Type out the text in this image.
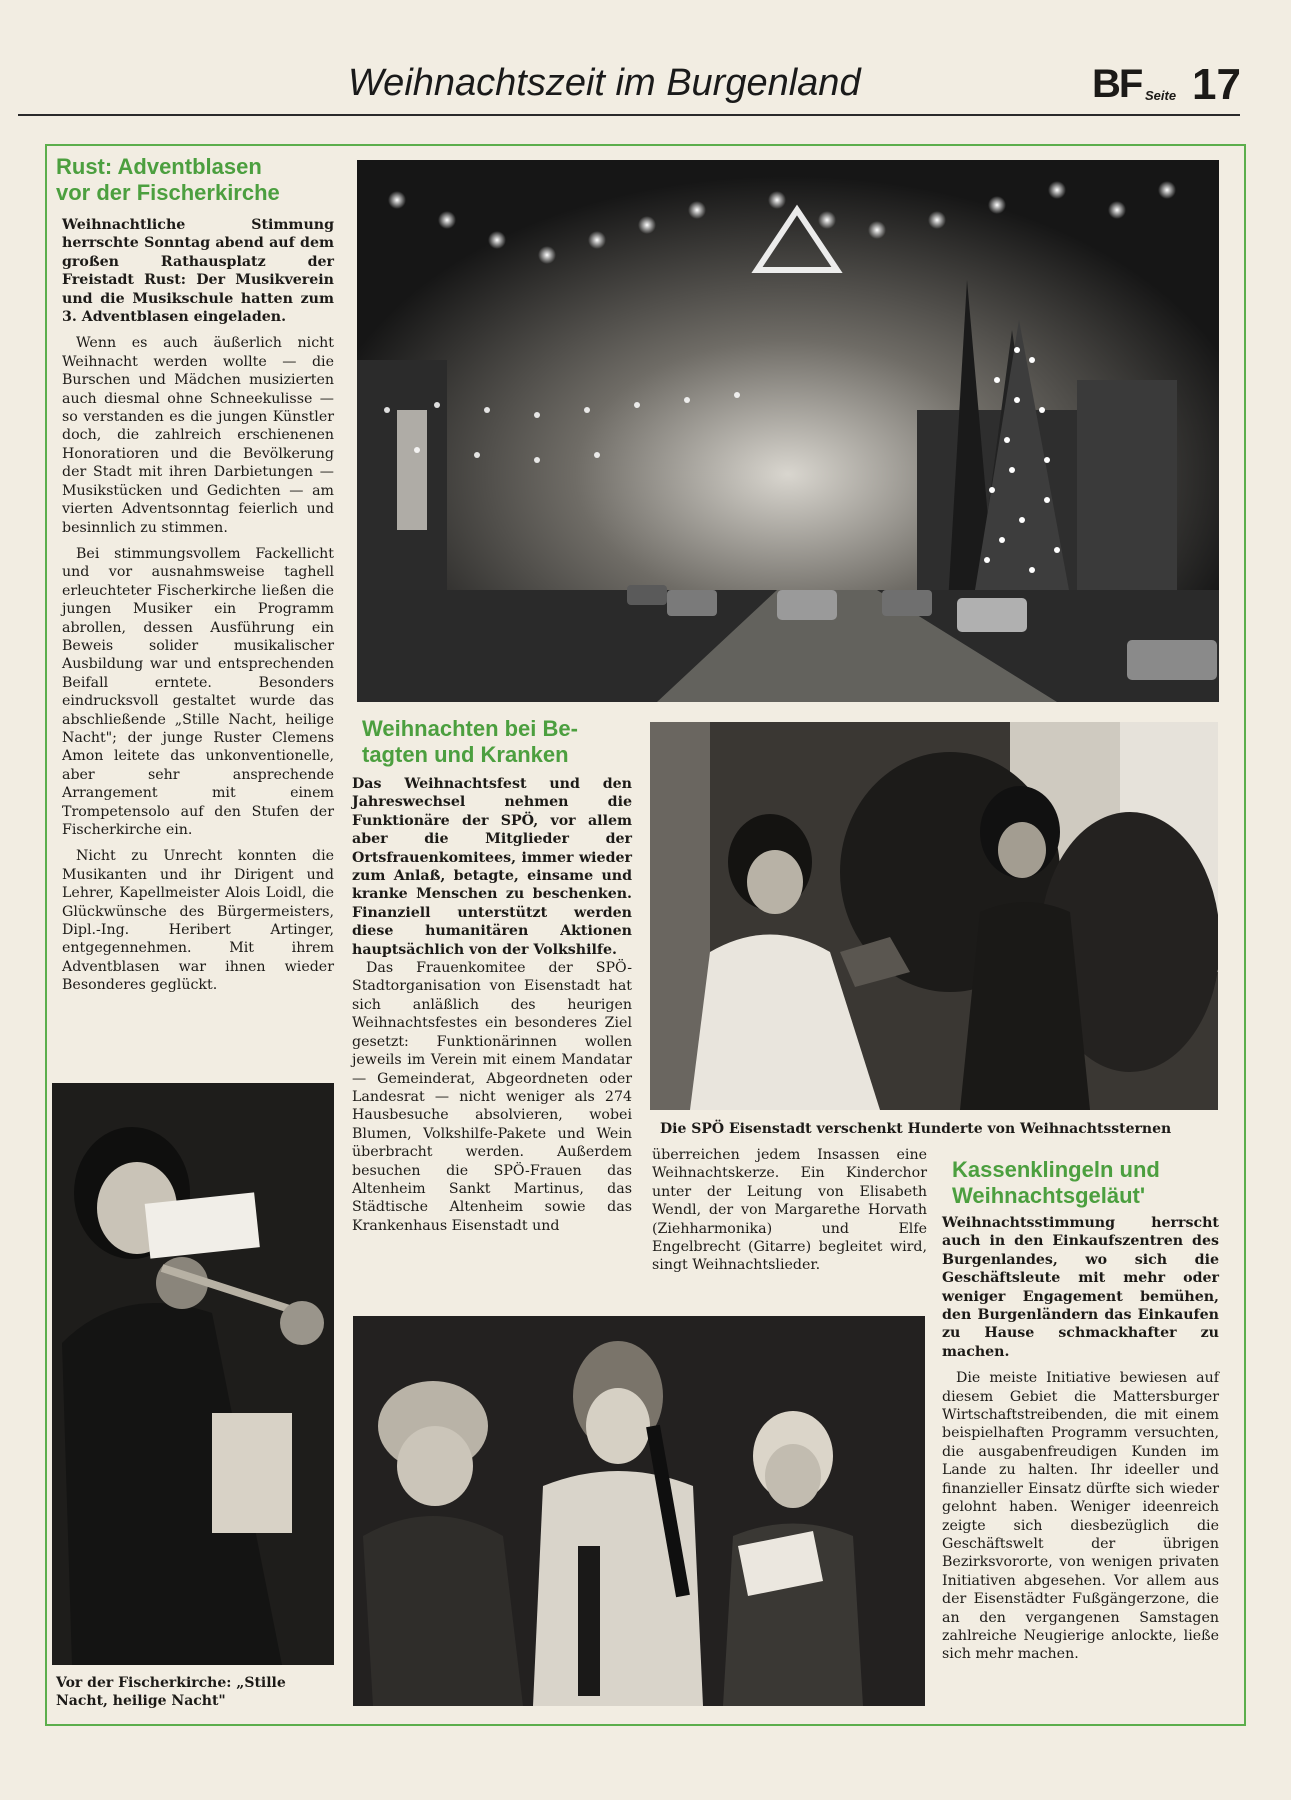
Weihnachtszeit im Burgenland	BF Seite 17
Rust: Adventblasen
vor der Fischerkirche

Weihnachtliche Stimmung herrschte Sonntag abend auf dem großen Rathausplatz der Freistadt Rust: Der Musikverein und die Musikschule hatten zum 3. Adventblasen eingeladen.

Wenn es auch äußerlich nicht Weihnacht werden wollte — die Burschen und Mädchen musizierten auch diesmal ohne Schneekulisse — so verstanden es die jungen Künstler doch, die zahlreich erschienenen Honoratioren und die Bevölkerung der Stadt mit ihren Darbietungen — Musikstücken und Gedichten — am vierten Adventsonntag feierlich und besinnlich zu stimmen.

Bei stimmungsvollem Fackellicht und vor ausnahmsweise taghell erleuchteter Fischerkirche ließen die jungen Musiker ein Programm abrollen, dessen Ausführung ein Beweis solider musikalischer Ausbildung war und entsprechenden Beifall erntete. Besonders eindrucksvoll gestaltet wurde das abschließende „Stille Nacht, heilige Nacht"; der junge Ruster Clemens Amon leitete das unkonventionelle, aber sehr ansprechende Arrangement mit einem Trompetensolo auf den Stufen der Fischerkirche ein.

Nicht zu Unrecht konnten die Musikanten und ihr Dirigent und Lehrer, Kapellmeister Alois Loidl, die Glückwünsche des Bürgermeisters, Dipl.-Ing. Heribert Artinger, entgegennehmen. Mit ihrem Adventblasen war ihnen wieder Besonderes geglückt.

Weihnachten bei Be-
tagten und Kranken

Das Weihnachtsfest und den Jahreswechsel nehmen die Funktionäre der SPÖ, vor allem aber die Mitglieder der Ortsfrauenkomitees, immer wieder zum Anlaß, betagte, einsame und kranke Menschen zu beschenken. Finanziell unterstützt werden diese humanitären Aktionen hauptsächlich von der Volkshilfe.

Das Frauenkomitee der SPÖ-Stadtorganisation von Eisenstadt hat sich anläßlich des heurigen Weihnachtsfestes ein besonderes Ziel gesetzt: Funktionärinnen wollen jeweils im Verein mit einem Mandatar — Gemeinderat, Abgeordneten oder Landesrat — nicht weniger als 274 Hausbesuche absolvieren, wobei Blumen, Volkshilfe-Pakete und Wein überbracht werden. Außerdem besuchen die SPÖ-Frauen das Altenheim Sankt Martinus, das Städtische Altenheim sowie das Krankenhaus Eisenstadt und

überreichen jedem Insassen eine Weihnachtskerze. Ein Kinderchor unter der Leitung von Elisabeth Wendl, der von Margarethe Horvath (Ziehharmonika) und Elfe Engelbrecht (Gitarre) begleitet wird, singt Weihnachtslieder.

Die SPÖ Eisenstadt verschenkt Hunderte von Weihnachtssternen
Vor der Fischerkirche: „Stille Nacht, heilige Nacht"
Kassenklingeln und
Weihnachtsgeläut'

Weihnachtsstimmung herrscht auch in den Einkaufszentren des Burgenlandes, wo sich die Geschäftsleute mit mehr oder weniger Engagement bemühen, den Burgenländern das Einkaufen zu Hause schmackhafter zu machen.

Die meiste Initiative bewiesen auf diesem Gebiet die Mattersburger Wirtschaftstreibenden, die mit einem beispielhaften Programm versuchten, die ausgabenfreudigen Kunden im Lande zu halten. Ihr ideeller und finanzieller Einsatz dürfte sich wieder gelohnt haben. Weniger ideenreich zeigte sich diesbezüglich die Geschäftswelt der übrigen Bezirksvororte, von wenigen privaten Initiativen abgesehen. Vor allem aus der Eisenstädter Fußgängerzone, die an den vergangenen Samstagen zahlreiche Neugierige anlockte, ließe sich mehr machen.
